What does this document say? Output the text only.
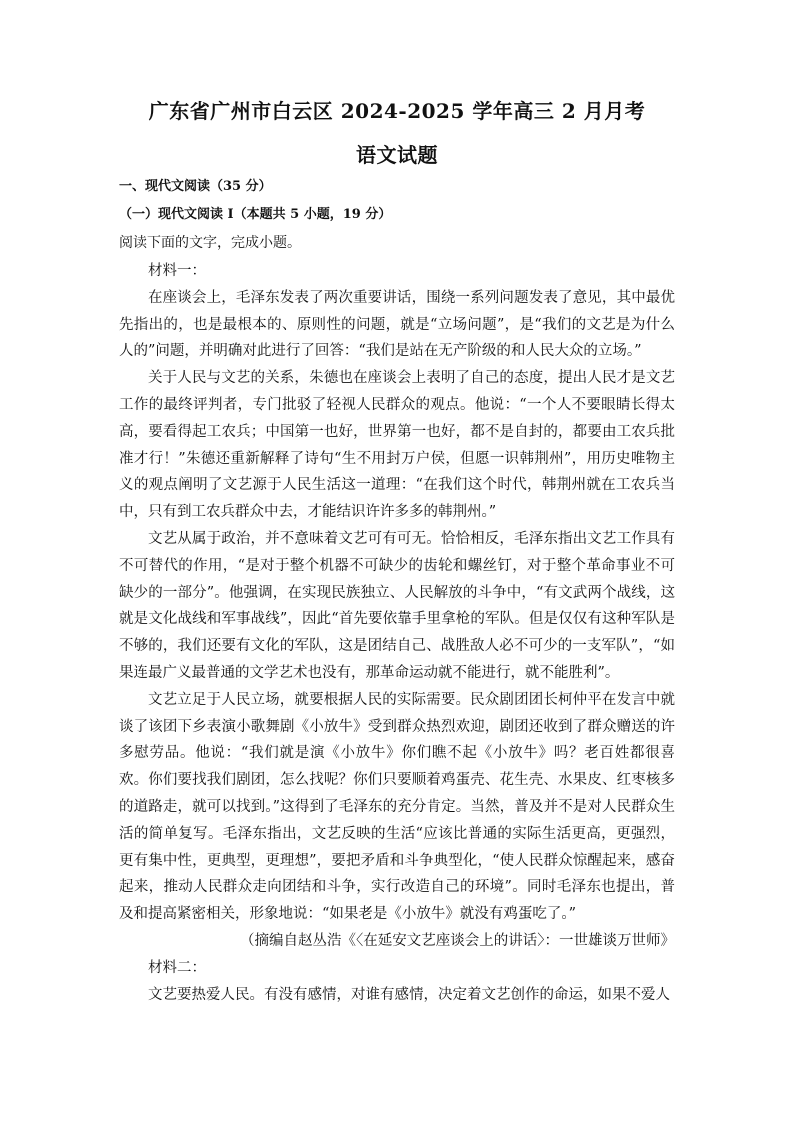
广东省广州市白云区 2024-2025 学年高三 2 月月考
语文试题
一、现代文阅读（35 分）
（一）现代文阅读 I（本题共 5 小题，19 分）
阅读下面的文字，完成小题。

材料一：

在座谈会上，毛泽东发表了两次重要讲话，围绕一系列问题发表了意见，其中最优先指出的，也是最根本的、原则性的问题，就是“立场问题”，是“我们的文艺是为什么人的”问题，并明确对此进行了回答：“我们是站在无产阶级的和人民大众的立场。”

关于人民与文艺的关系，朱德也在座谈会上表明了自己的态度，提出人民才是文艺工作的最终评判者，专门批驳了轻视人民群众的观点。他说：“一个人不要眼睛长得太高，要看得起工农兵；中国第一也好，世界第一也好，都不是自封的，都要由工农兵批准才行！”朱德还重新解释了诗句“生不用封万户侯，但愿一识韩荆州”，用历史唯物主义的观点阐明了文艺源于人民生活这一道理：“在我们这个时代，韩荆州就在工农兵当中，只有到工农兵群众中去，才能结识许许多多的韩荆州。”

文艺从属于政治，并不意味着文艺可有可无。恰恰相反，毛泽东指出文艺工作具有不可替代的作用，“是对于整个机器不可缺少的齿轮和螺丝钉，对于整个革命事业不可缺少的一部分”。他强调，在实现民族独立、人民解放的斗争中，“有文武两个战线，这就是文化战线和军事战线”，因此“首先要依靠手里拿枪的军队。但是仅仅有这种军队是不够的，我们还要有文化的军队，这是团结自己、战胜敌人必不可少的一支军队”，“如果连最广义最普通的文学艺术也没有，那革命运动就不能进行，就不能胜利”。

文艺立足于人民立场，就要根据人民的实际需要。民众剧团团长柯仲平在发言中就谈了该团下乡表演小歌舞剧《小放牛》受到群众热烈欢迎，剧团还收到了群众赠送的许多慰劳品。他说：“我们就是演《小放牛》你们瞧不起《小放牛》吗？老百姓都很喜欢。你们要找我们剧团，怎么找呢？你们只要顺着鸡蛋壳、花生壳、水果皮、红枣核多的道路走，就可以找到。”这得到了毛泽东的充分肯定。当然，普及并不是对人民群众生活的简单复写。毛泽东指出，文艺反映的生活“应该比普通的实际生活更高，更强烈，更有集中性，更典型，更理想”，要把矛盾和斗争典型化，“使人民群众惊醒起来，感奋起来，推动人民群众走向团结和斗争，实行改造自己的环境”。同时毛泽东也提出，普及和提高紧密相关，形象地说：“如果老是《小放牛》就没有鸡蛋吃了。”

（摘编自赵丛浩《〈在延安文艺座谈会上的讲话〉：一世雄谈万世师》

材料二：

文艺要热爱人民。有没有感情，对谁有感情，决定着文艺创作的命运，如果不爱人
